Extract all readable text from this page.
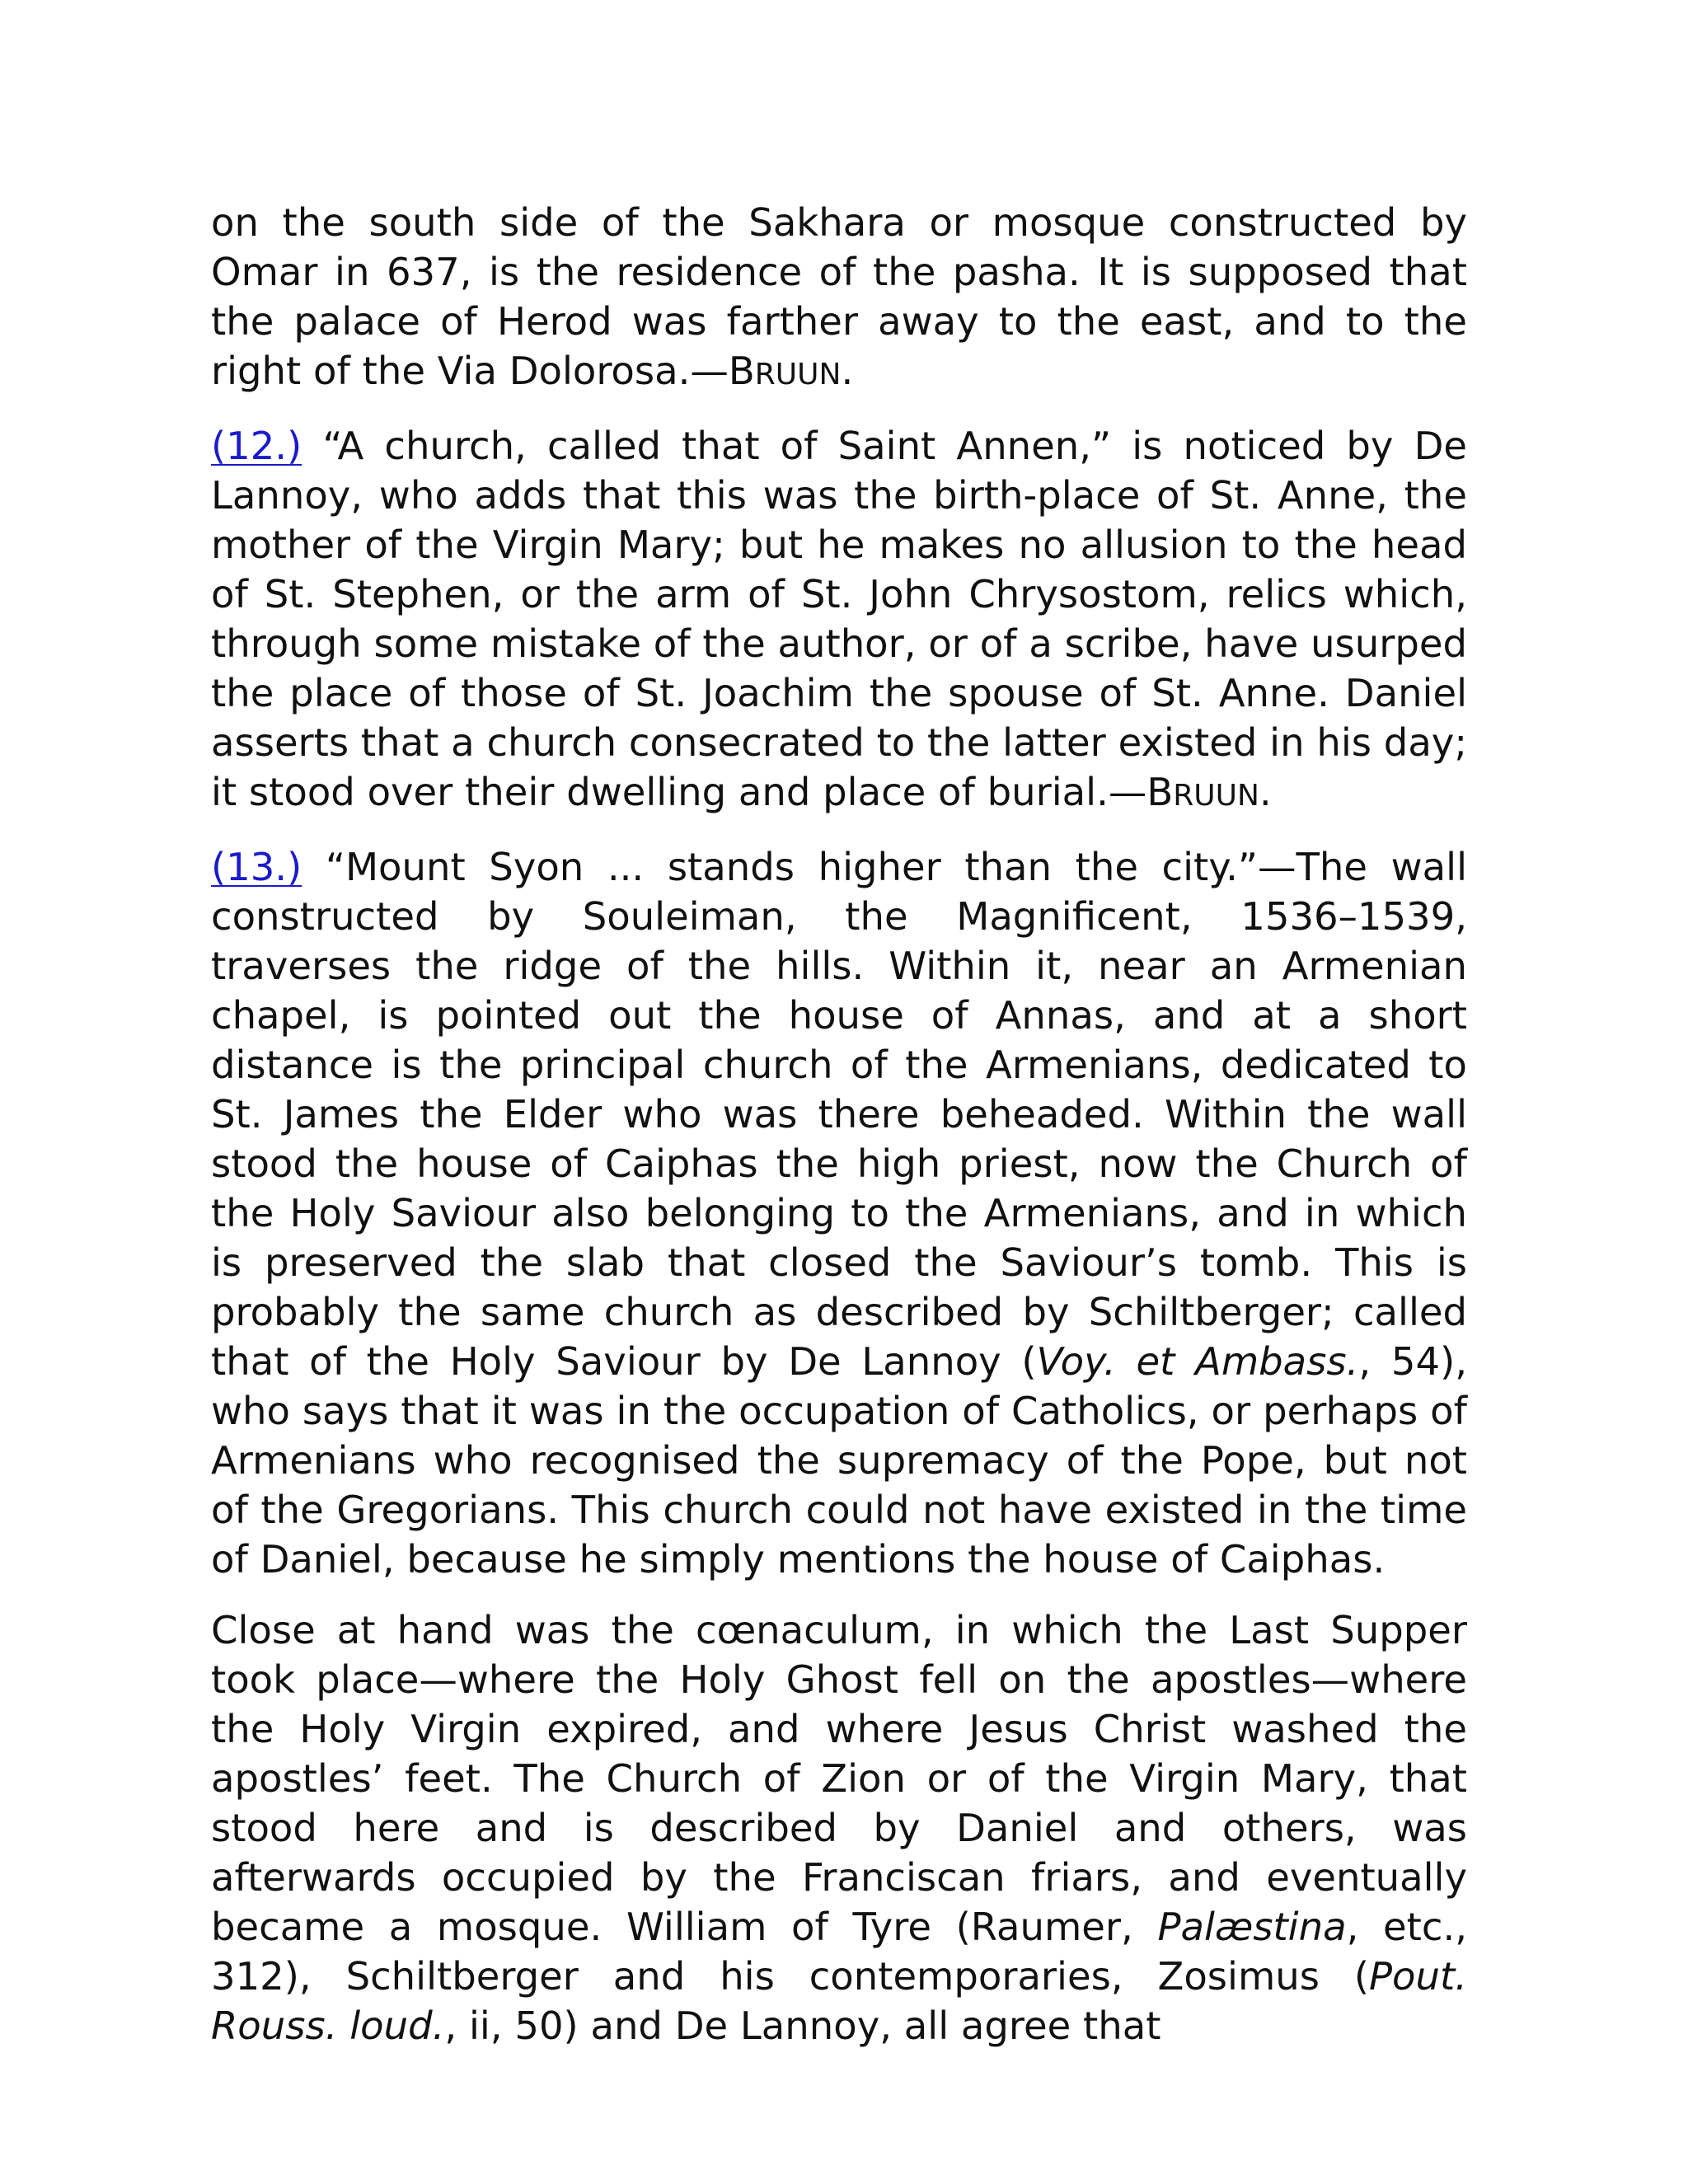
on the south side of the Sakhara or mosque constructed by Omar in 637, is the residence of the pasha. It is supposed that the palace of Herod was farther away to the east, and to the right of the Via Dolorosa.—BRUUN.

(12.) “A church, called that of Saint Annen,” is noticed by De Lannoy, who adds that this was the birth-place of St. Anne, the mother of the Virgin Mary; but he makes no allusion to the head of St. Stephen, or the arm of St. John Chrysostom, relics which, through some mistake of the author, or of a scribe, have usurped the place of those of St. Joachim the spouse of St. Anne. Daniel asserts that a church consecrated to the latter existed in his day; it stood over their dwelling and place of burial.—BRUUN.

(13.) “Mount Syon ... stands higher than the city.”—The wall constructed by Souleiman, the Magnificent, 1536–1539, traverses the ridge of the hills. Within it, near an Armenian chapel, is pointed out the house of Annas, and at a short distance is the principal church of the Armenians, dedicated to St. James the Elder who was there beheaded. Within the wall stood the house of Caiphas the high priest, now the Church of the Holy Saviour also belonging to the Armenians, and in which is preserved the slab that closed the Saviour’s tomb. This is probably the same church as described by Schiltberger; called that of the Holy Saviour by De Lannoy (Voy. et Ambass., 54), who says that it was in the occupation of Catholics, or perhaps of Armenians who recognised the supremacy of the Pope, but not of the Gregorians. This church could not have existed in the time of Daniel, because he simply mentions the house of Caiphas.

Close at hand was the cœnaculum, in which the Last Supper took place—where the Holy Ghost fell on the apostles—where the Holy Virgin expired, and where Jesus Christ washed the apostles’ feet. The Church of Zion or of the Virgin Mary, that stood here and is described by Daniel and others, was afterwards occupied by the Franciscan friars, and eventually became a mosque. William of Tyre (Raumer, Palæstina, etc., 312), Schiltberger and his contemporaries, Zosimus (Pout. Rouss. loud., ii, 50) and De Lannoy, all agree that
